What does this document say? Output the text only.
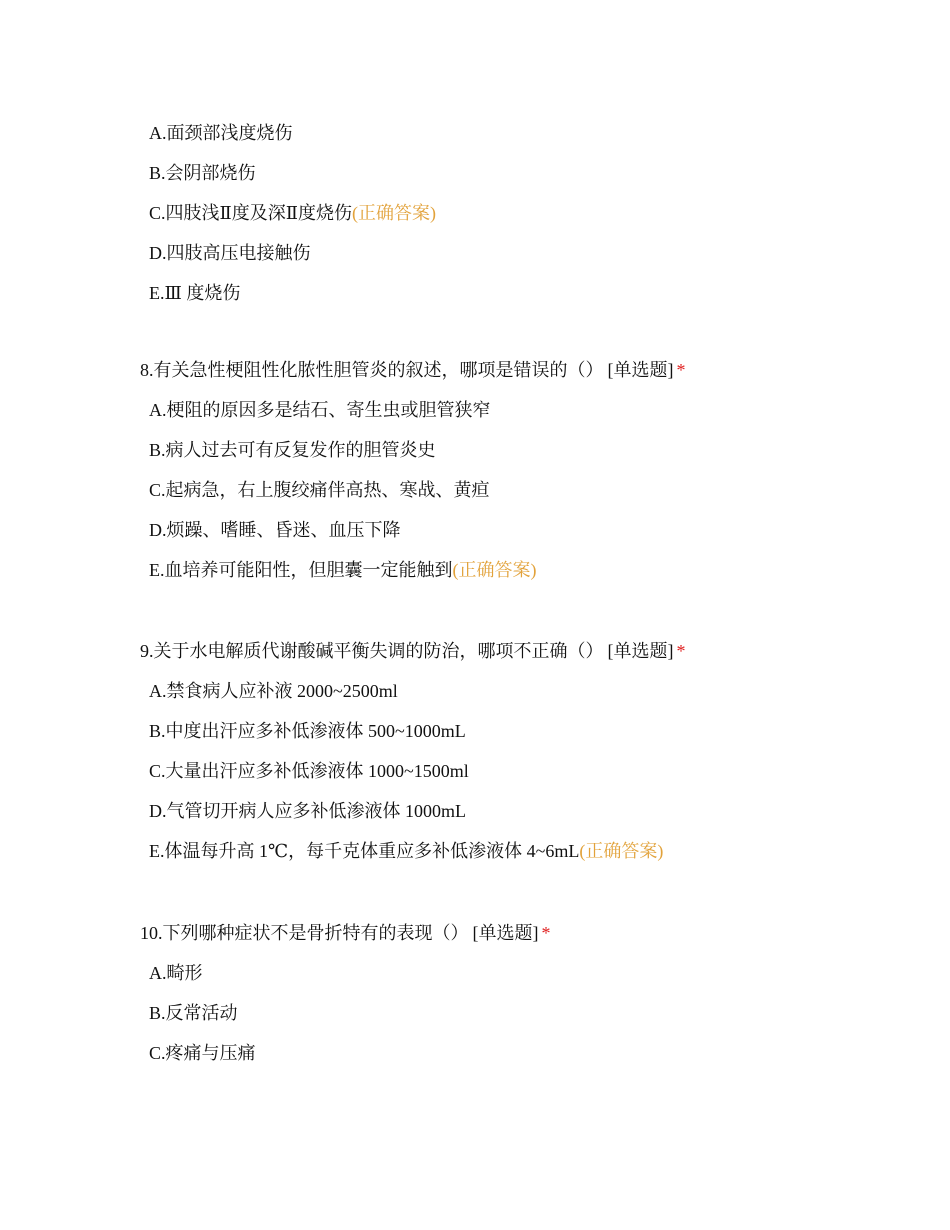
A.面颈部浅度烧伤
B.会阴部烧伤
C.四肢浅Ⅱ度及深Ⅱ度烧伤(正确答案)
D.四肢高压电接触伤
E.Ⅲ 度烧伤
8.有关急性梗阻性化脓性胆管炎的叙述，哪项是错误的（） [单选题] *
A.梗阻的原因多是结石、寄生虫或胆管狭窄
B.病人过去可有反复发作的胆管炎史
C.起病急，右上腹绞痛伴高热、寒战、黄疸
D.烦躁、嗜睡、昏迷、血压下降
E.血培养可能阳性，但胆囊一定能触到(正确答案)
9.关于水电解质代谢酸碱平衡失调的防治，哪项不正确（） [单选题] *
A.禁食病人应补液 2000~2500ml
B.中度出汗应多补低渗液体 500~1000mL
C.大量出汗应多补低渗液体 1000~1500ml
D.气管切开病人应多补低渗液体 1000mL
E.体温每升高 1℃，每千克体重应多补低渗液体 4~6mL(正确答案)
10.下列哪种症状不是骨折特有的表现（） [单选题] *
A.畸形
B.反常活动
C.疼痛与压痛
